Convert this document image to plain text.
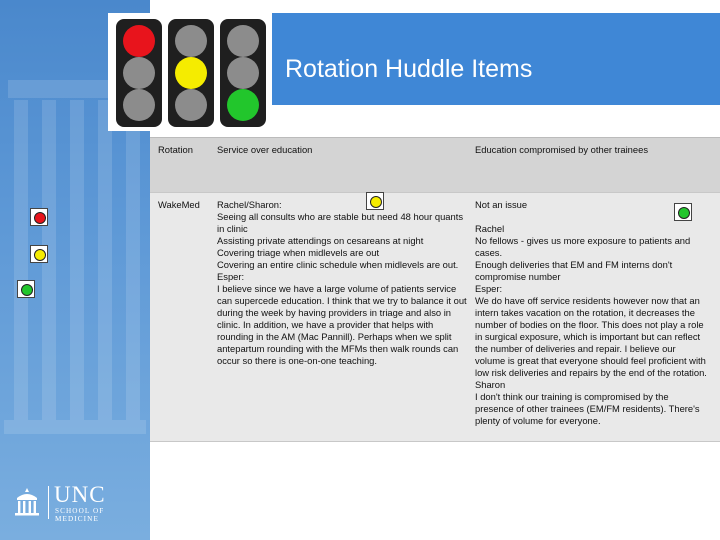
Rotation Huddle Items
Rotation	Service over education	Education compromised by other trainees
WakeMed Rachel/Sharon:
Seeing all consults who are stable but need 48 hour quants in clinic
Assisting private attendings on cesareans at night
Covering triage when midlevels are out
Covering an entire clinic schedule when midlevels are out.
Esper:
I believe since we have a large volume of patients service can supercede education. I think that we try to balance it out during the week by having providers in triage and also in clinic. In addition, we have a provider that helps with rounding in the AM (Mac Pannill). Perhaps when we split antepartum rounding with the MFMs then walk rounds can occur so there is one-on-one teaching.
Not an issue

Rachel
No fellows - gives us more exposure to patients and cases.
Enough deliveries that EM and FM interns don't compromise number
Esper:
We do have off service residents however now that an intern takes vacation on the rotation, it decreases the number of bodies on the floor. This does not play a role in surgical exposure, which is important but can reflect the number of deliveries and repair. I believe our volume is great that everyone should feel proficient with low risk deliveries and repairs by the end of the rotation.
Sharon
I don't think our training is compromised by the presence of other trainees (EM/FM residents). There's plenty of volume for everyone.
UNC
SCHOOL OF MEDICINE
